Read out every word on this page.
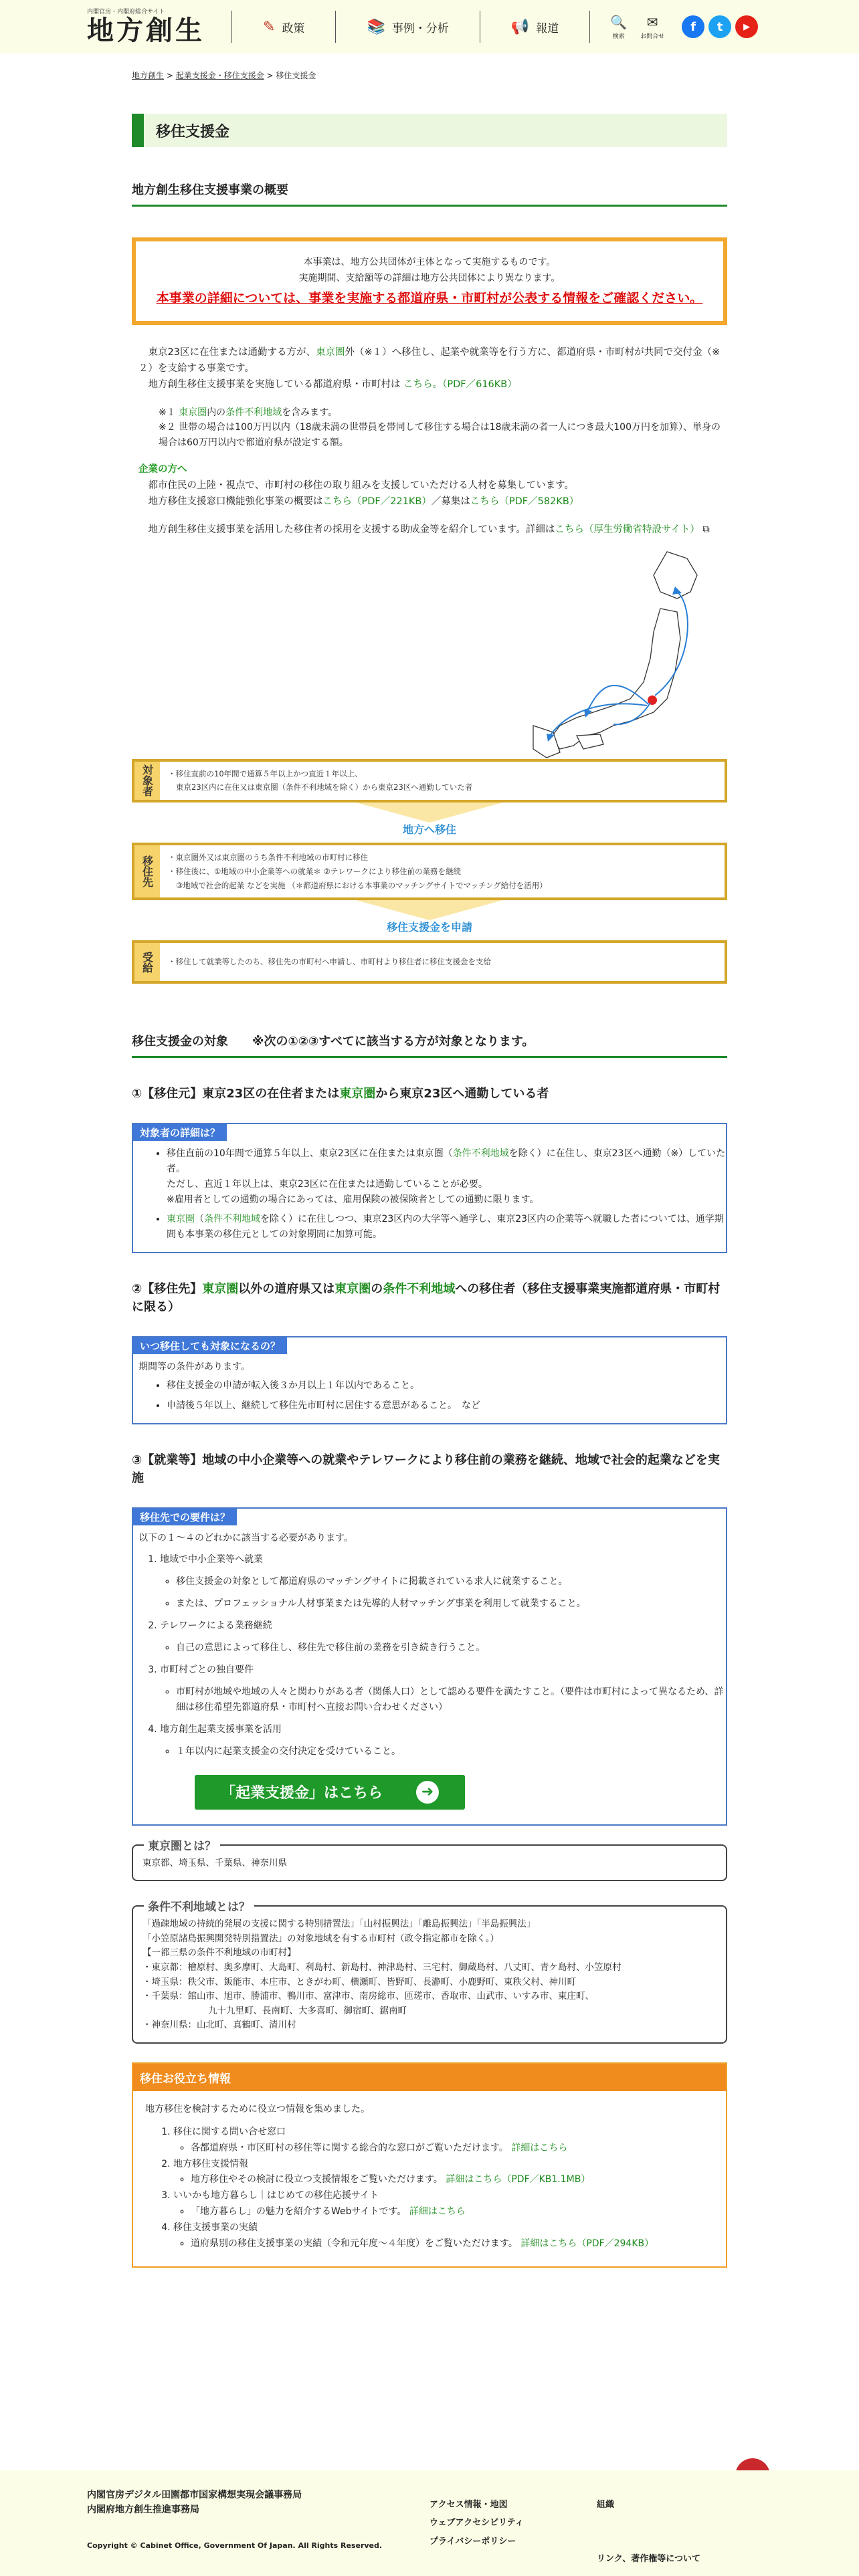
内閣官房・内閣府総合サイト
地方創生	✎ 政策	📚 事例・分析	📢 報道	🔍
検索
✉
お問合せ
f	t	▶
地方創生 > 起業支援金・移住支援金 > 移住支援金
移住支援金
地方創生移住支援事業の概要
本事業は、地方公共団体が主体となって実施するものです。
実施期間、支給額等の詳細は地方公共団体により異なります。
本事業の詳細については、事業を実施する都道府県・市町村が公表する情報をご確認ください。
東京23区に在住または通勤する方が、東京圏外（※１）へ移住し、起業や就業等を行う方に、都道府県・市町村が共同で交付金（※２）を支給する事業です。
地方創生移住支援事業を実施している都道府県・市町村は こちら。（PDF／616KB）
※１ 東京圏内の条件不利地域を含みます。
※２ 世帯の場合は100万円以内（18歳未満の世帯員を帯同して移住する場合は18歳未満の者一人につき最大100万円を加算）、単身の場合は60万円以内で都道府県が設定する額。
企業の方へ
都市住民の上陸・視点で、市町村の移住の取り組みを支援していただける人材を募集しています。
地方移住支援窓口機能強化事業の概要はこちら（PDF／221KB）／募集はこちら（PDF／582KB）
地方創生移住支援事業を活用した移住者の採用を支援する助成金等を紹介しています。詳細はこちら（厚生労働省特設サイト） ⧉
対象者	・移住直前の10年間で通算５年以上かつ直近１年以上、
東京23区内に在住又は東京圏（条件不利地域を除く）から東京23区へ通勤していた者
地方へ移住
移住先	・東京圏外又は東京圏のうち条件不利地域の市町村に移住
・移住後に、①地域の中小企業等への就業＊ ②テレワークにより移住前の業務を継続
③地域で社会的起業 などを実施 （＊都道府県における本事業のマッチングサイトでマッチング給付を活用）
移住支援金を申請
受給	・移住して就業等したのち、移住先の市町村へ申請し、市町村より移住者に移住支援金を支給
移住支援金の対象　　※次の①②③すべてに該当する方が対象となります。
①【移住元】東京23区の在住者または東京圏から東京23区へ通勤している者
対象者の詳細は？
• 移住直前の10年間で通算５年以上、東京23区に在住または東京圏（条件不利地域を除く）に在住し、東京23区へ通勤（※）していた者。
ただし、直近１年以上は、東京23区に在住または通勤していることが必要。
※雇用者としての通勤の場合にあっては、雇用保険の被保険者としての通勤に限ります。
• 東京圏（条件不利地域を除く）に在住しつつ、東京23区内の大学等へ通学し、東京23区内の企業等へ就職した者については、通学期間も本事業の移住元としての対象期間に加算可能。
②【移住先】東京圏以外の道府県又は東京圏の条件不利地域への移住者（移住支援事業実施都道府県・市町村に限る）
いつ移住しても対象になるの？
期間等の条件があります。
• 移住支援金の申請が転入後３か月以上１年以内であること。
• 申請後５年以上、継続して移住先市町村に居住する意思があること。　など
③【就業等】地域の中小企業等への就業やテレワークにより移住前の業務を継続、地域で社会的起業などを実施
移住先での要件は？
以下の１～４のどれかに該当する必要があります。
1. 地域で中小企業等へ就業
◦ 移住支援金の対象として都道府県のマッチングサイトに掲載されている求人に就業すること。
◦ または、プロフェッショナル人材事業または先導的人材マッチング事業を利用して就業すること。
2. テレワークによる業務継続
◦ 自己の意思によって移住し、移住先で移住前の業務を引き続き行うこと。
3. 市町村ごとの独自要件
◦ 市町村が地域や地域の人々と関わりがある者（関係人口）として認める要件を満たすこと。（要件は市町村によって異なるため、詳細は移住希望先都道府県・市町村へ直接お問い合わせください）
4. 地方創生起業支援事業を活用
◦ １年以内に起業支援金の交付決定を受けていること。
「起業支援金」はこちら	➜
東京圏とは？
東京都、埼玉県、千葉県、神奈川県
条件不利地域とは？
「過疎地域の持続的発展の支援に関する特別措置法」「山村振興法」「離島振興法」「半島振興法」
「小笠原諸島振興開発特別措置法」の対象地域を有する市町村（政令指定都市を除く。）
【一都三県の条件不利地域の市町村】
・東京都：檜原村、奥多摩町、大島町、利島村、新島村、神津島村、三宅村、御蔵島村、八丈町、青ケ島村、小笠原村
・埼玉県：秩父市、飯能市、本庄市、ときがわ町、横瀬町、皆野町、長瀞町、小鹿野町、東秩父村、神川町
・千葉県：館山市、旭市、勝浦市、鴨川市、富津市、南房総市、匝瑳市、香取市、山武市、いすみ市、東庄町、
九十九里町、長南町、大多喜町、御宿町、鋸南町
・神奈川県：山北町、真鶴町、清川村
移住お役立ち情報
地方移住を検討するために役立つ情報を集めました。
1. 移住に関する問い合せ窓口
◦ 各都道府県・市区町村の移住等に関する総合的な窓口がご覧いただけます。 詳細はこちら
2. 地方移住支援情報
◦ 地方移住やその検討に役立つ支援情報をご覧いただけます。 詳細はこちら（PDF／KB1.1MB）
3. いいかも地方暮らし｜はじめての移住応援サイト
◦ 「地方暮らし」の魅力を紹介するWebサイトです。 詳細はこちら
4. 移住支援事業の実績
◦ 道府県別の移住支援事業の実績（令和元年度～４年度）をご覧いただけます。 詳細はこちら（PDF／294KB）
内閣官房デジタル田園都市国家構想実現会議事務局
内閣府地方創生推進事務局
Copyright © Cabinet Office, Government Of Japan. All Rights Reserved.
アクセス情報・地図
ウェブアクセシビリティ
プライバシーポリシー
組織
リンク、著作権等について
